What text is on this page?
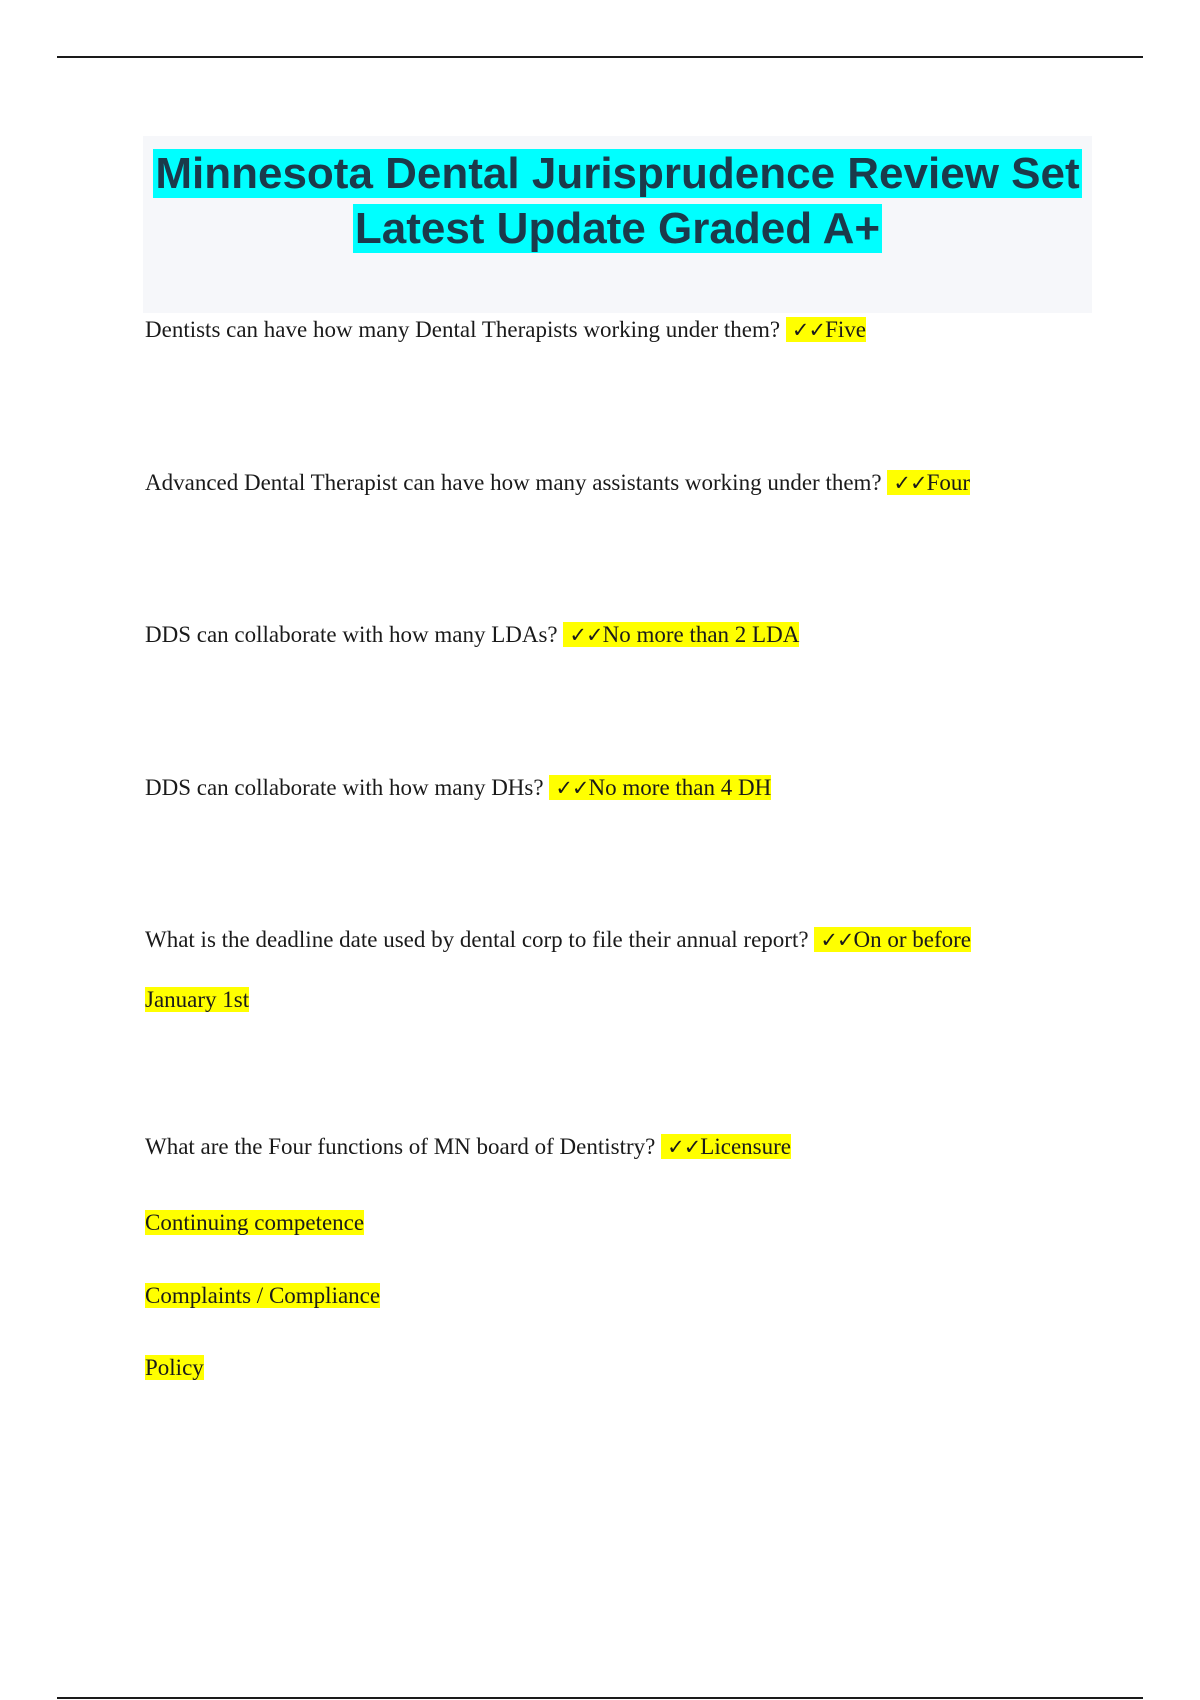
Minnesota Dental Jurisprudence Review Set Latest Update Graded A+
Dentists can have how many Dental Therapists working under them? ✓✓Five
Advanced Dental Therapist can have how many assistants working under them? ✓✓Four
DDS can collaborate with how many LDAs? ✓✓No more than 2 LDA
DDS can collaborate with how many DHs? ✓✓No more than 4 DH
What is the deadline date used by dental corp to file their annual report? ✓✓On or before
January 1st
What are the Four functions of MN board of Dentistry? ✓✓Licensure
Continuing competence
Complaints / Compliance
Policy
